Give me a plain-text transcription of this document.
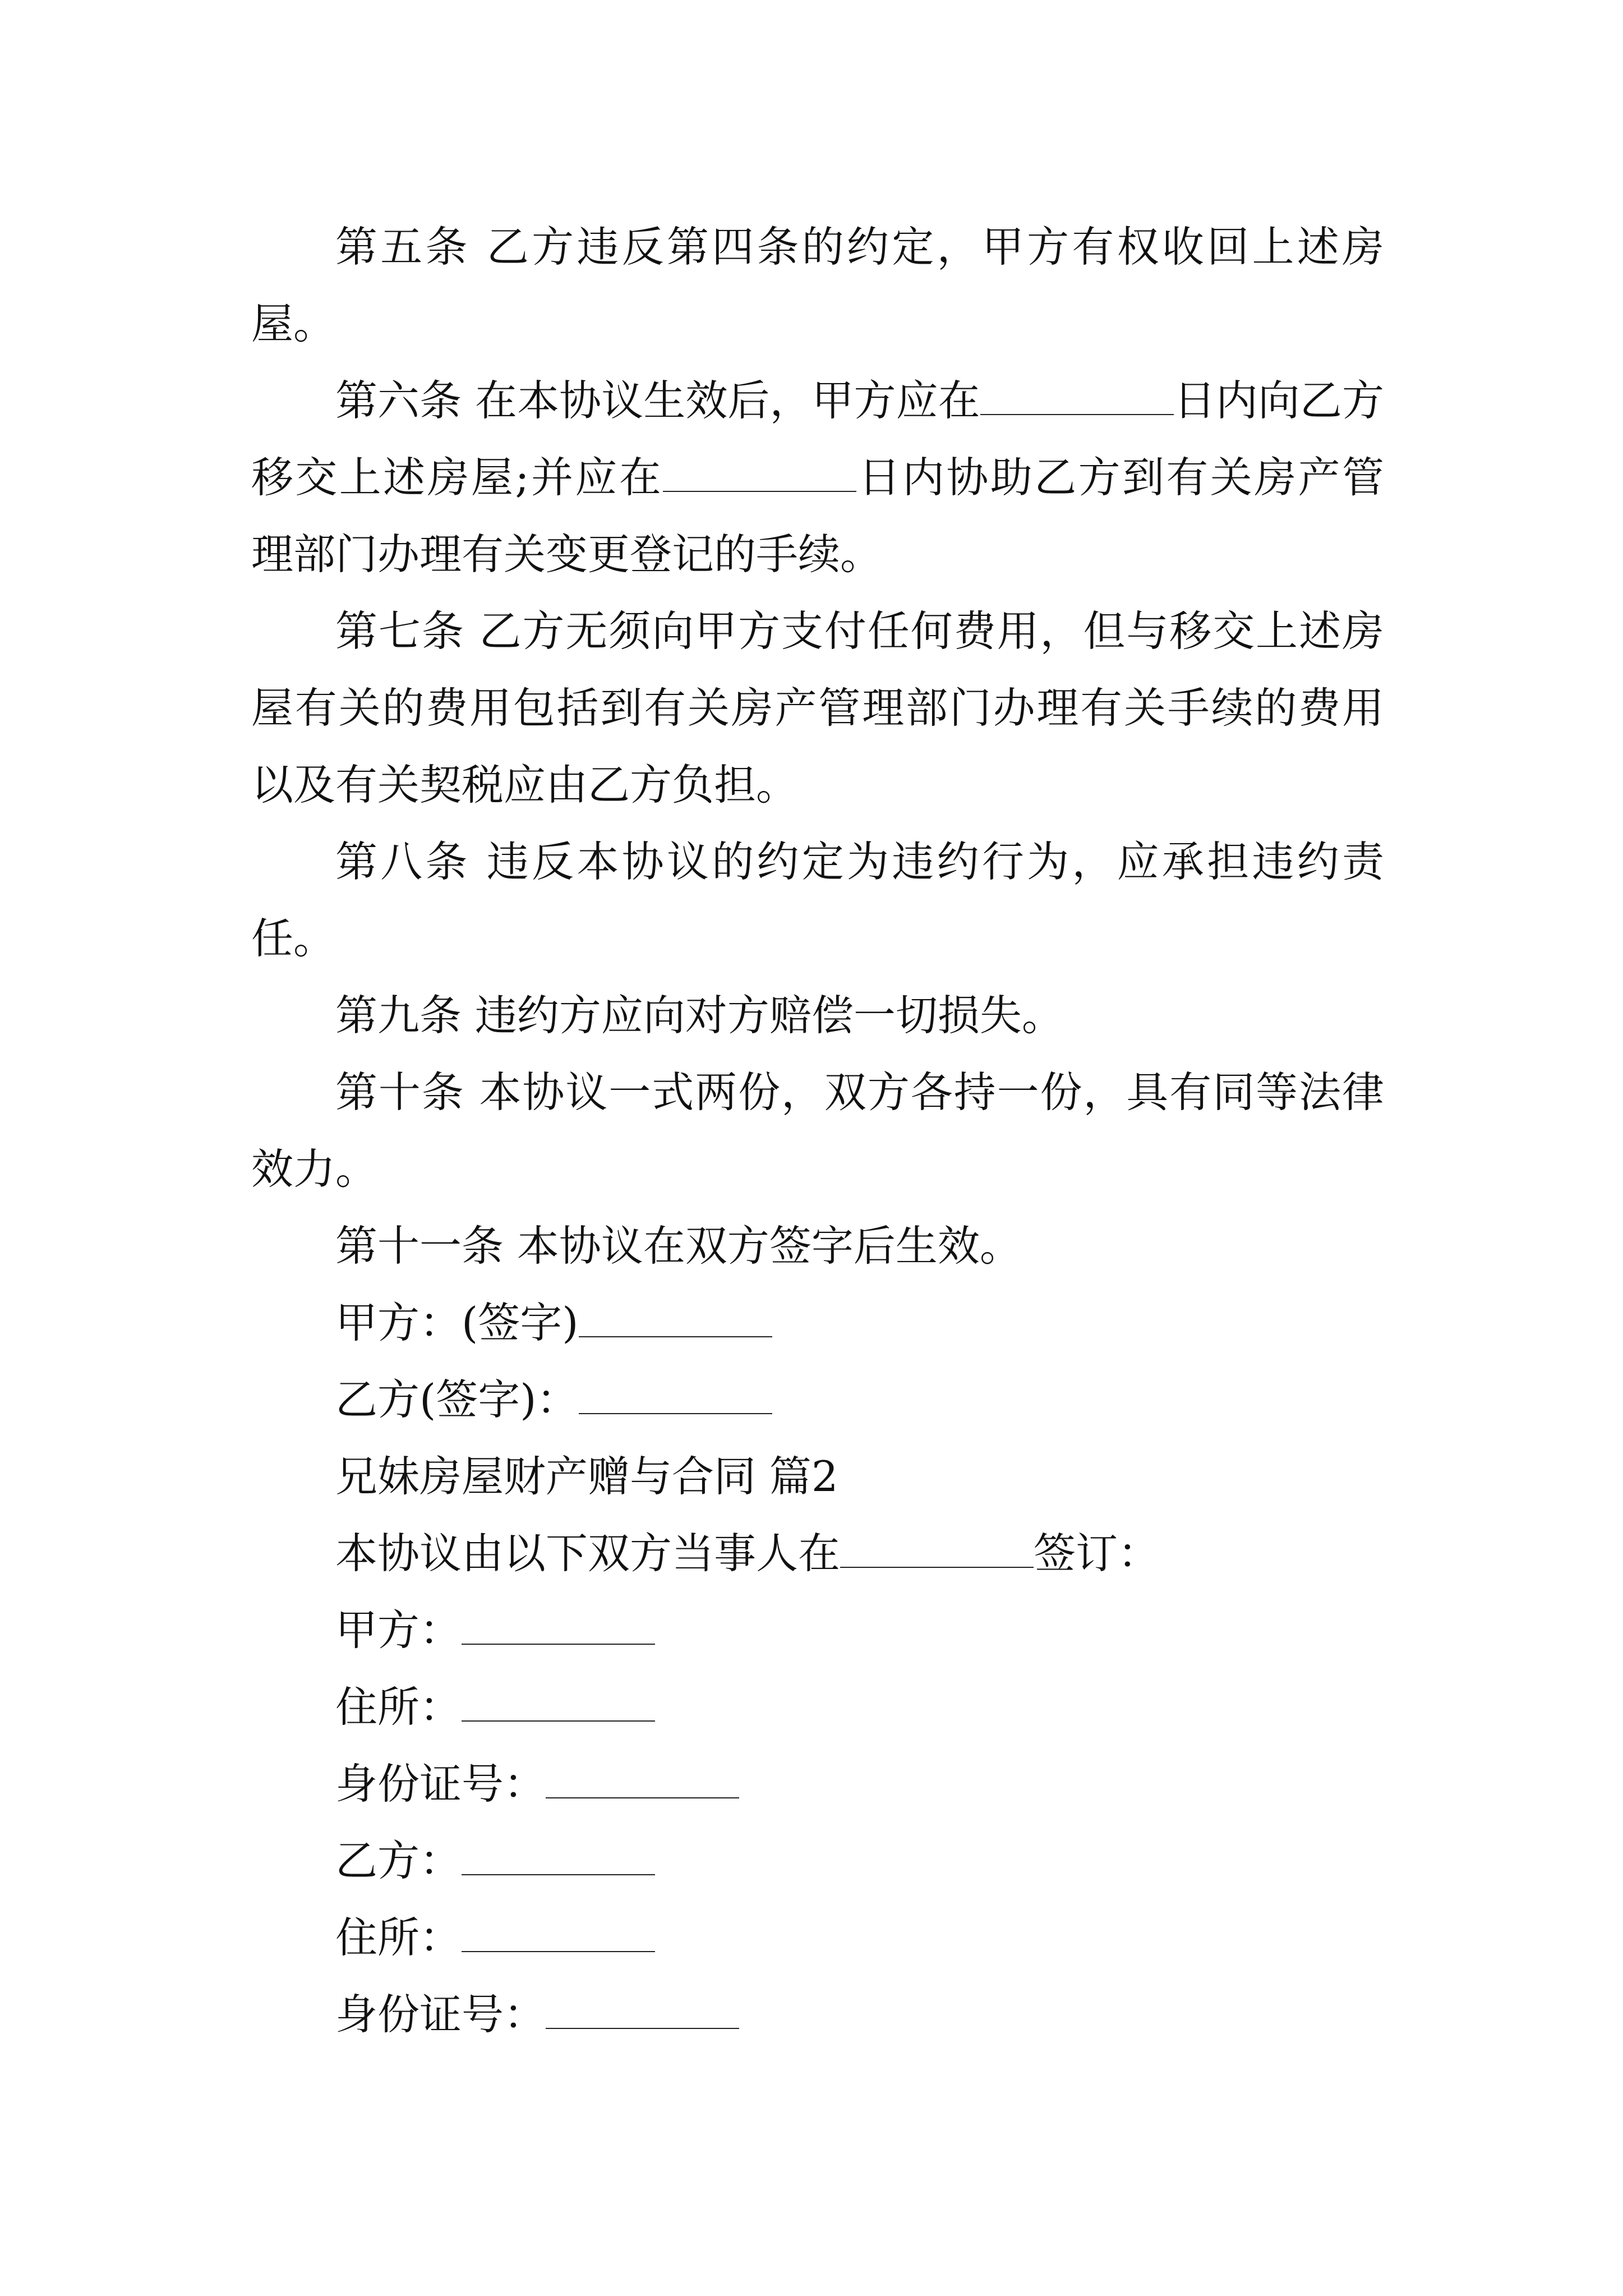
第五条 乙方违反第四条的约定，甲方有权收回上述房屋。

第六条 在本协议生效后，甲方应在	日内向乙方移交上述房屋;并应在	日内协助乙方到有关房产管理部门办理有关变更登记的手续。

第七条 乙方无须向甲方支付任何费用，但与移交上述房屋有关的费用包括到有关房产管理部门办理有关手续的费用以及有关契税应由乙方负担。

第八条 违反本协议的约定为违约行为，应承担违约责任。

第九条 违约方应向对方赔偿一切损失。

第十条 本协议一式两份，双方各持一份，具有同等法律效力。

第十一条 本协议在双方签字后生效。

甲方：(签字)

乙方(签字)：

兄妹房屋财产赠与合同 篇2

本协议由以下双方当事人在	签订：

甲方：

住所：

身份证号：

乙方：

住所：

身份证号：
